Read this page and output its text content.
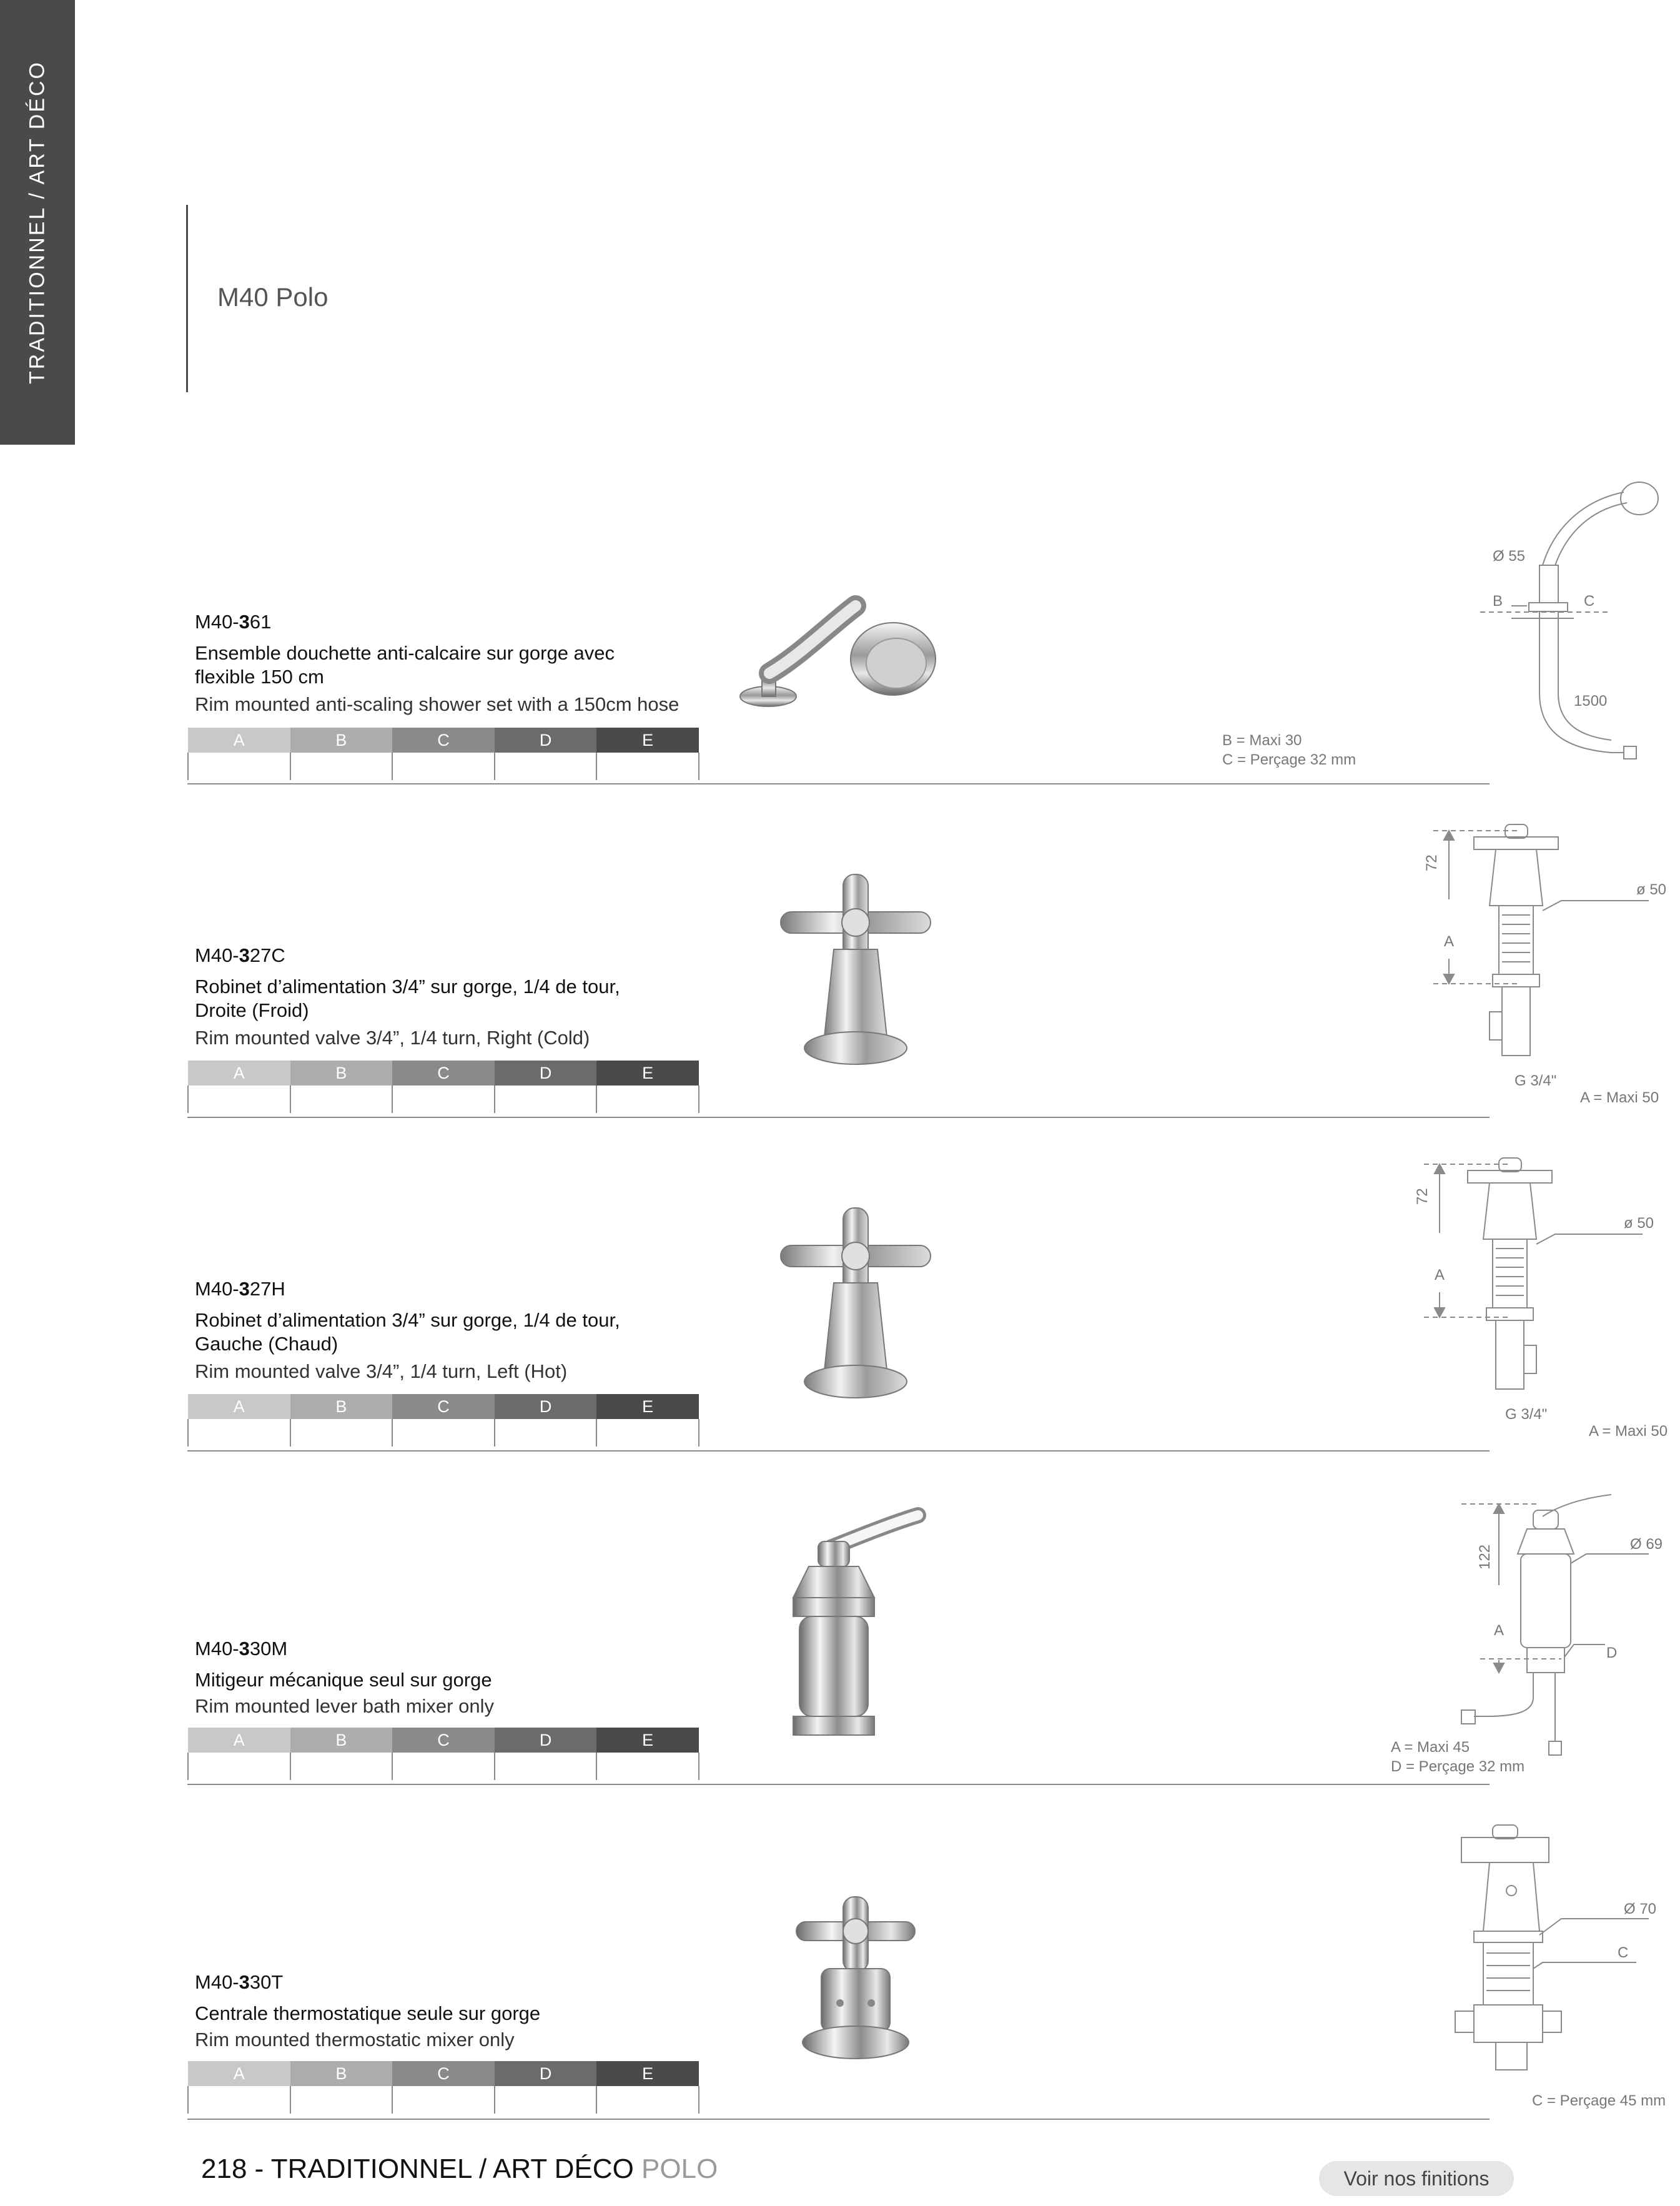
TRADITIONNEL / ART DÉCO	M40 Polo
M40-361
Ensemble douchette anti-calcaire sur gorge avec flexible 150 cm
Rim mounted anti-scaling shower set with a 150cm hose
A	B	C	D	E

Ø 55
B	C
1500
B = Maxi 30
C = Perçage 32 mm
M40-327C
Robinet d’alimentation 3/4” sur gorge, 1/4 de tour, Droite (Froid)
Rim mounted valve 3/4”, 1/4 turn, Right (Cold)
A	B	C	D	E

72
ø 50
A
G 3/4"
A = Maxi 50
M40-327H
Robinet d’alimentation 3/4” sur gorge, 1/4 de tour, Gauche (Chaud)
Rim mounted valve 3/4”, 1/4 turn, Left (Hot)
A	B	C	D	E

72
ø 50
A
G 3/4"
A = Maxi 50
M40-330M
Mitigeur mécanique seul sur gorge
Rim mounted lever bath mixer only
A	B	C	D	E

122
Ø 69
A
D
A = Maxi 45
D = Perçage 32 mm
M40-330T
Centrale thermostatique seule sur gorge
Rim mounted thermostatic mixer only
A	B	C	D	E

Ø 70
C
C = Perçage 45 mm
218 - TRADITIONNEL / ART DÉCO POLO	Voir nos finitions
